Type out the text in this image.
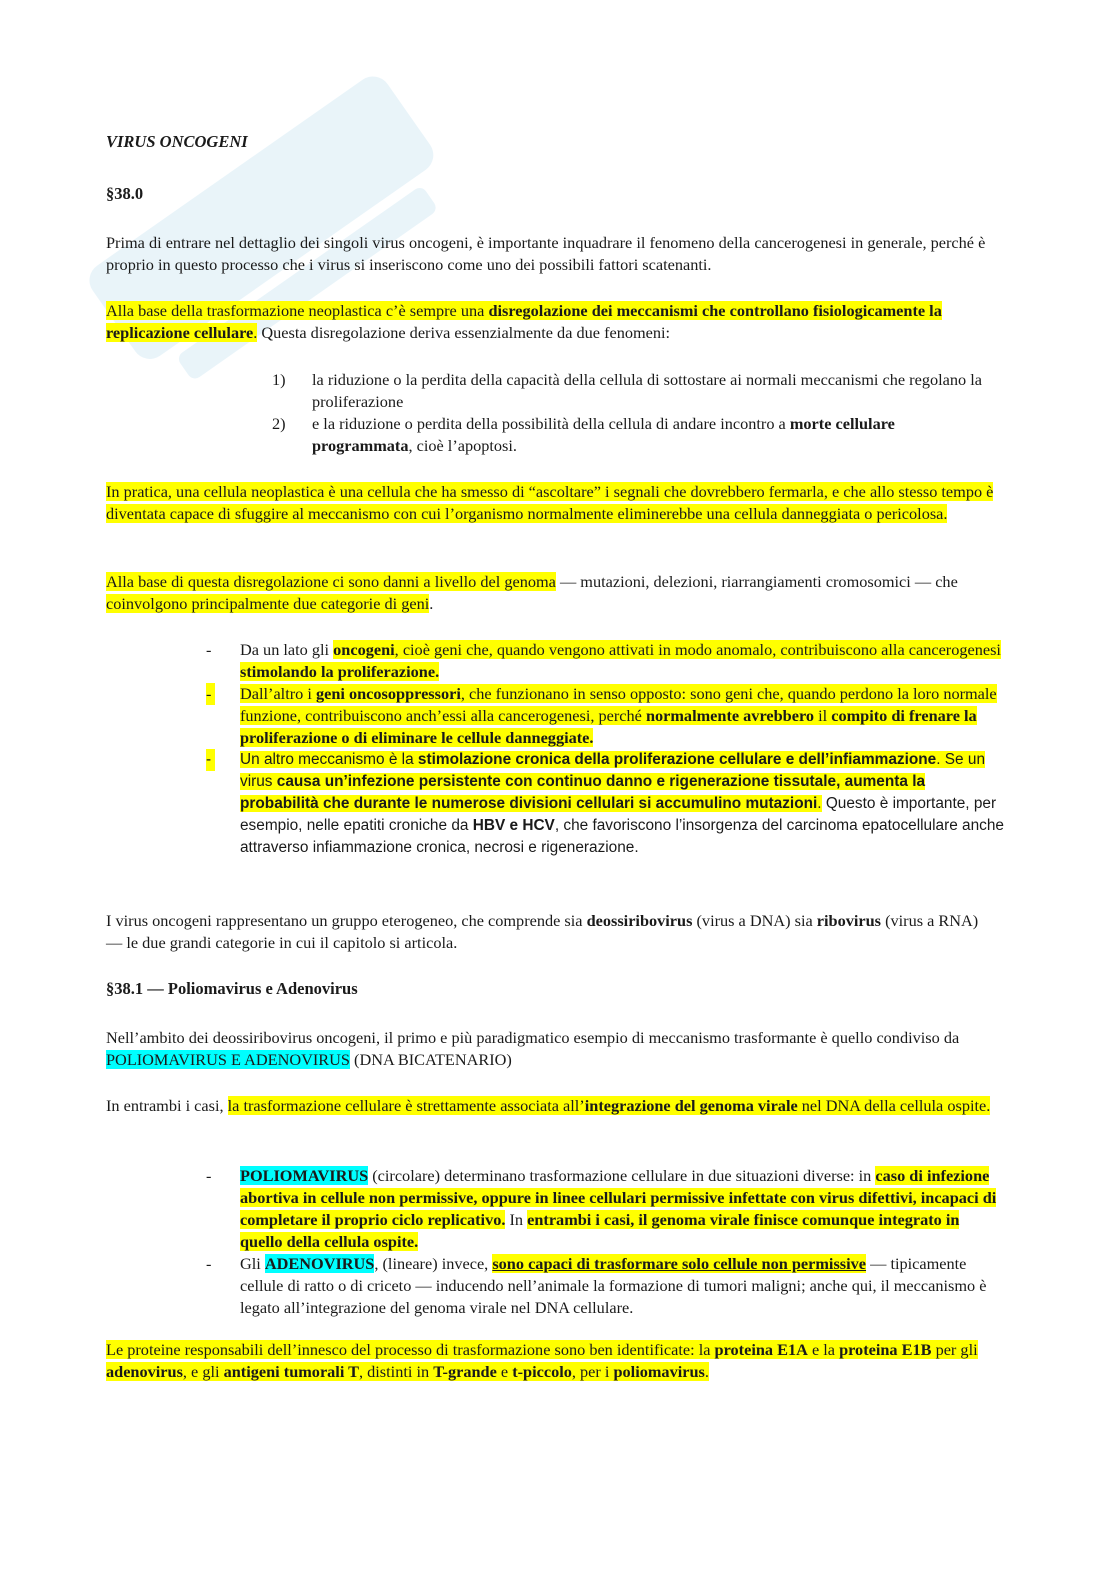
VIRUS ONCOGENI
§38.0

Prima di entrare nel dettaglio dei singoli virus oncogeni, è importante inquadrare il fenomeno della cancerogenesi in generale, perché è proprio in questo processo che i virus si inseriscono come uno dei possibili fattori scatenanti.

Alla base della trasformazione neoplastica c’è sempre una disregolazione dei meccanismi che controllano fisiologicamente la replicazione cellulare. Questa disregolazione deriva essenzialmente da due fenomeni:

1) la riduzione o la perdita della capacità della cellula di sottostare ai normali meccanismi che regolano la proliferazione
2) e la riduzione o perdita della possibilità della cellula di andare incontro a morte cellulare programmata, cioè l’apoptosi.

In pratica, una cellula neoplastica è una cellula che ha smesso di “ascoltare” i segnali che dovrebbero fermarla, e che allo stesso tempo è diventata capace di sfuggire al meccanismo con cui l’organismo normalmente eliminerebbe una cellula danneggiata o pericolosa.

Alla base di questa disregolazione ci sono danni a livello del genoma — mutazioni, delezioni, riarrangiamenti cromosomici — che coinvolgono principalmente due categorie di geni.

- Da un lato gli oncogeni, cioè geni che, quando vengono attivati in modo anomalo, contribuiscono alla cancerogenesi stimolando la proliferazione.
- Dall’altro i geni oncosoppressori, che funzionano in senso opposto: sono geni che, quando perdono la loro normale funzione, contribuiscono anch’essi alla cancerogenesi, perché normalmente avrebbero il compito di frenare la proliferazione o di eliminare le cellule danneggiate.
- Un altro meccanismo è la stimolazione cronica della proliferazione cellulare e dell’infiammazione. Se un virus causa un’infezione persistente con continuo danno e rigenerazione tissutale, aumenta la probabilità che durante le numerose divisioni cellulari si accumulino mutazioni. Questo è importante, per esempio, nelle epatiti croniche da HBV e HCV, che favoriscono l’insorgenza del carcinoma epatocellulare anche attraverso infiammazione cronica, necrosi e rigenerazione.

I virus oncogeni rappresentano un gruppo eterogeneo, che comprende sia deossiribovirus (virus a DNA) sia ribovirus (virus a RNA) — le due grandi categorie in cui il capitolo si articola.

§38.1 — Poliomavirus e Adenovirus

Nell’ambito dei deossiribovirus oncogeni, il primo e più paradigmatico esempio di meccanismo trasformante è quello condiviso da POLIOMAVIRUS E ADENOVIRUS (DNA BICATENARIO)

In entrambi i casi, la trasformazione cellulare è strettamente associata all’integrazione del genoma virale nel DNA della cellula ospite.

- POLIOMAVIRUS (circolare) determinano trasformazione cellulare in due situazioni diverse: in caso di infezione abortiva in cellule non permissive, oppure in linee cellulari permissive infettate con virus difettivi, incapaci di completare il proprio ciclo replicativo. In entrambi i casi, il genoma virale finisce comunque integrato in quello della cellula ospite.
- Gli ADENOVIRUS, (lineare) invece, sono capaci di trasformare solo cellule non permissive — tipicamente cellule di ratto o di criceto — inducendo nell’animale la formazione di tumori maligni; anche qui, il meccanismo è legato all’integrazione del genoma virale nel DNA cellulare.

Le proteine responsabili dell’innesco del processo di trasformazione sono ben identificate: la proteina E1A e la proteina E1B per gli adenovirus, e gli antigeni tumorali T, distinti in T-grande e t-piccolo, per i poliomavirus.
